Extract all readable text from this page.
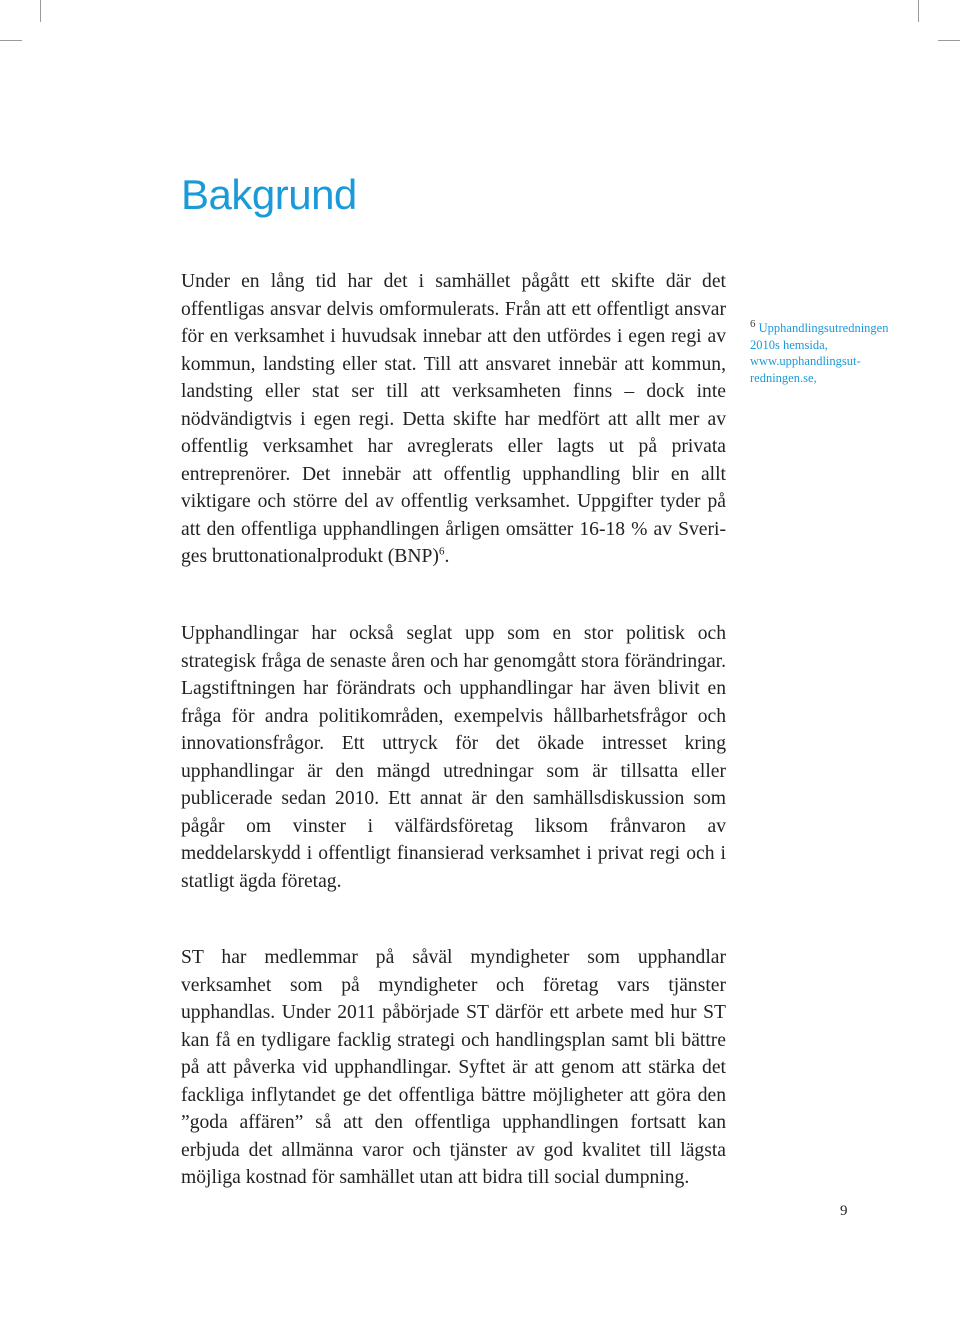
Bakgrund

Under en lång tid har det i samhället pågått ett skifte där det offentligas ansvar delvis omformulerats. Från att ett offentligt ansvar för en verksamhet i huvudsak innebar att den utfördes i egen regi av kommun, landsting eller stat. Till att ansvaret innebär att kommun, landsting eller stat ser till att verksamheten finns – dock inte nödvändigtvis i egen regi. Detta skifte har medfört att allt mer av offentlig verksamhet har avreglerats eller lagts ut på privata entreprenörer. Det innebär att offentlig upphandling blir en allt viktigare och större del av offentlig verksamhet. Uppgifter tyder på att den offentliga upphandlingen årligen omsätter 16-18 % av Sveriges bruttonationalprodukt (BNP)$^6$.

Upphandlingar har också seglat upp som en stor politisk och strategisk fråga de senaste åren och har genomgått stora förändringar. Lagstiftningen har förändrats och upphandlingar har även blivit en fråga för andra politikområden, exempelvis hållbarhetsfrågor och innovationsfrågor. Ett uttryck för det ökade intresset kring upphandlingar är den mängd utredningar som är tillsatta eller publicerade sedan 2010. Ett annat är den samhällsdiskussion som pågår om vinster i välfärdsföretag liksom frånvaron av meddelarskydd i offentligt finansierad verksamhet i privat regi och i statligt ägda företag.

ST har medlemmar på såväl myndigheter som upphandlar verksamhet som på myndigheter och företag vars tjänster upphandlas. Under 2011 påbörjade ST därför ett arbete med hur ST kan få en tydligare facklig strategi och handlingsplan samt bli bättre på att påverka vid upphandlingar. Syftet är att genom att stärka det fackliga inflytandet ge det offentliga bättre möjligheter att göra den ”goda affären” så att den offentliga upphandlingen fortsatt kan erbjuda det allmänna varor och tjänster av god kvalitet till lägsta möjliga kostnad för samhället utan att bidra till social dumpning.

6 Upphandlingsutredningen 2010s hemsida, www.upphandlingsutredningen.se,
9
